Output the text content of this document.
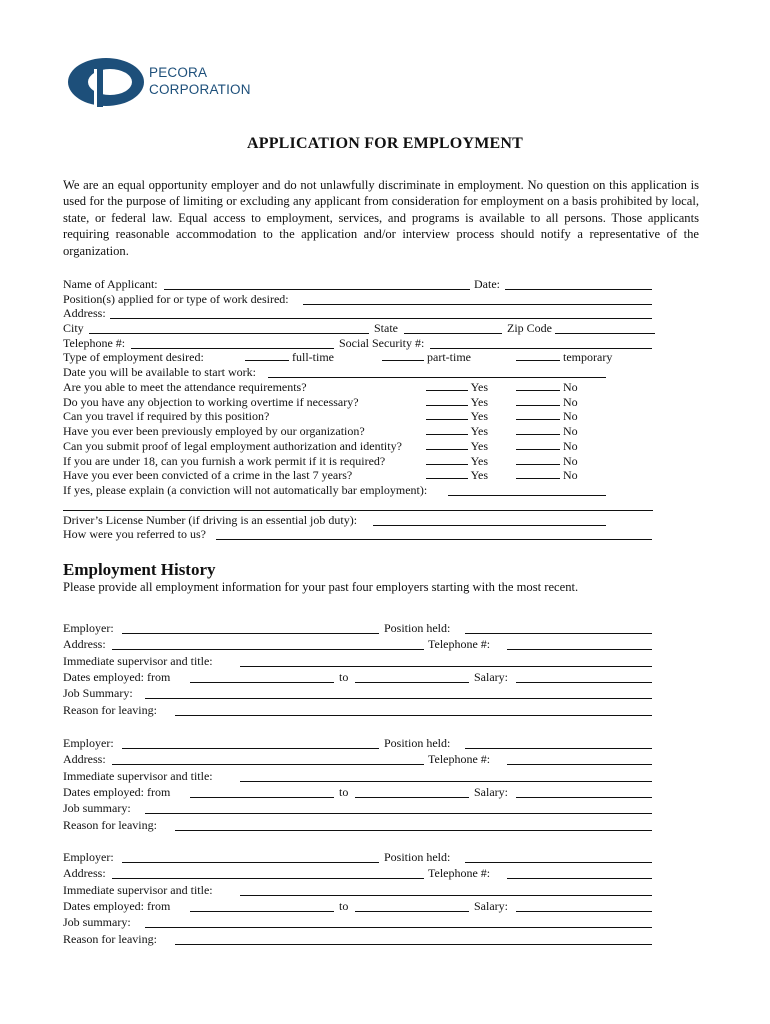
PECORA
CORPORATION
APPLICATION FOR EMPLOYMENT

We are an equal opportunity employer and do not unlawfully discriminate in employment. No question on this application is used for the purpose of limiting or excluding any applicant from consideration for employment on a basis prohibited by local, state, or federal law. Equal access to employment, services, and programs is available to all persons. Those applicants requiring reasonable accommodation to the application and/or interview process should notify a representative of the organization.

Name of Applicant:	Date:
Position(s) applied for or type of work desired:
Address:
City	State	Zip Code
Telephone #:	Social Security #:
Type of employment desired:	full-time	part-time	temporary
Date you will be available to start work:
Are you able to meet the attendance requirements?	Yes	No
Do you have any objection to working overtime if necessary?	Yes	No
Can you travel if required by this position?	Yes	No
Have you ever been previously employed by our organization?	Yes	No
Can you submit proof of legal employment authorization and identity?	Yes	No
If you are under 18, can you furnish a work permit if it is required?	Yes	No
Have you ever been convicted of a crime in the last 7 years?	Yes	No
If yes, please explain (a conviction will not automatically bar employment):
Driver’s License Number (if driving is an essential job duty):
How were you referred to us?
Employment History

Please provide all employment information for your past four employers starting with the most recent.

Employer:	Position held:
Address:	Telephone #:
Immediate supervisor and title:
Dates employed: from	to	Salary:
Job Summary:
Reason for leaving:
Employer:	Position held:
Address:	Telephone #:
Immediate supervisor and title:
Dates employed: from	to	Salary:
Job summary:
Reason for leaving:
Employer:	Position held:
Address:	Telephone #:
Immediate supervisor and title:
Dates employed: from	to	Salary:
Job summary:
Reason for leaving:
